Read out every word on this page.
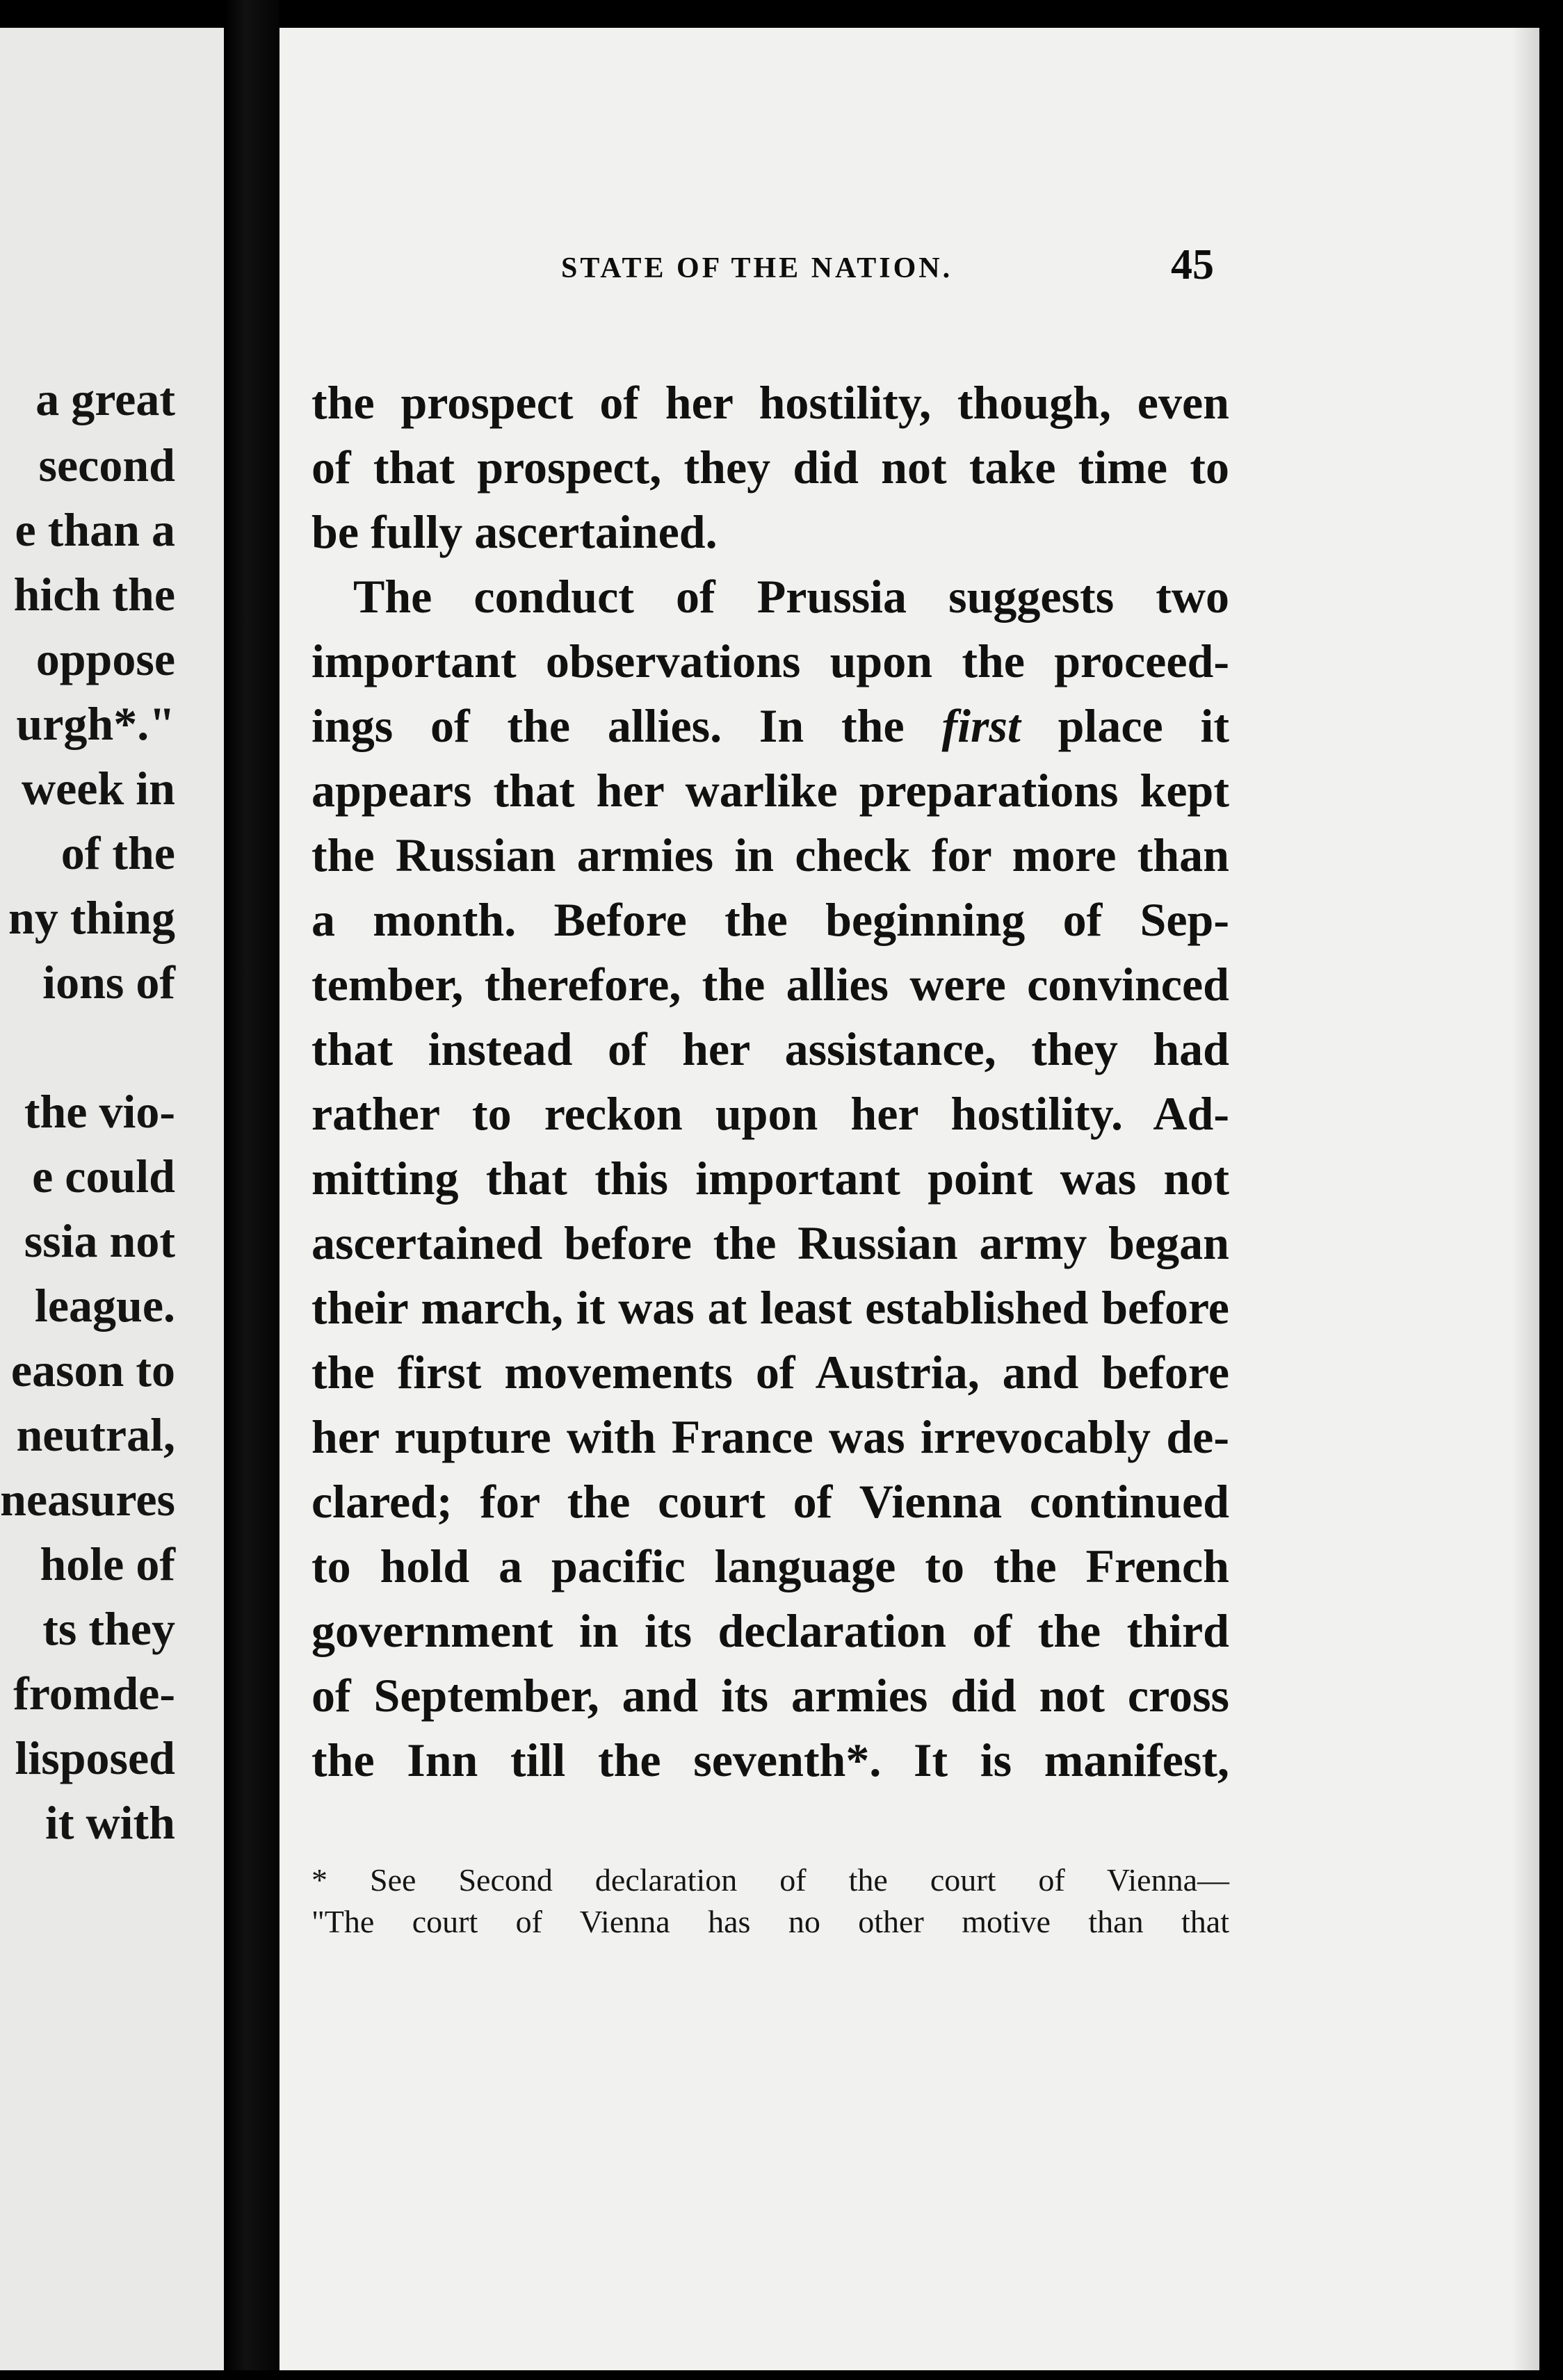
a great
second
e than a
hich the
oppose
urgh*."
week in
of the
ny thing
ions of
the vio-
e could
ssia not
league.
eason to
neutral,
neasures
hole of
ts they
fromde-
lisposed
it with
STATE OF THE NATION.	45
the prospect of her hostility, though, even
of that prospect, they did not take time to
be fully ascertained.
The conduct of Prussia suggests two
important observations upon the proceed-
ings of the allies. In the first place it
appears that her warlike preparations kept
the Russian armies in check for more than
a month. Before the beginning of Sep-
tember, therefore, the allies were convinced
that instead of her assistance, they had
rather to reckon upon her hostility. Ad-
mitting that this important point was not
ascertained before the Russian army began
their march, it was at least established before
the first movements of Austria, and before
her rupture with France was irrevocably de-
clared; for the court of Vienna continued
to hold a pacific language to the French
government in its declaration of the third
of September, and its armies did not cross
the Inn till the seventh*. It is manifest,
* See Second declaration of the court of Vienna—
"The court of Vienna has no other motive than that
